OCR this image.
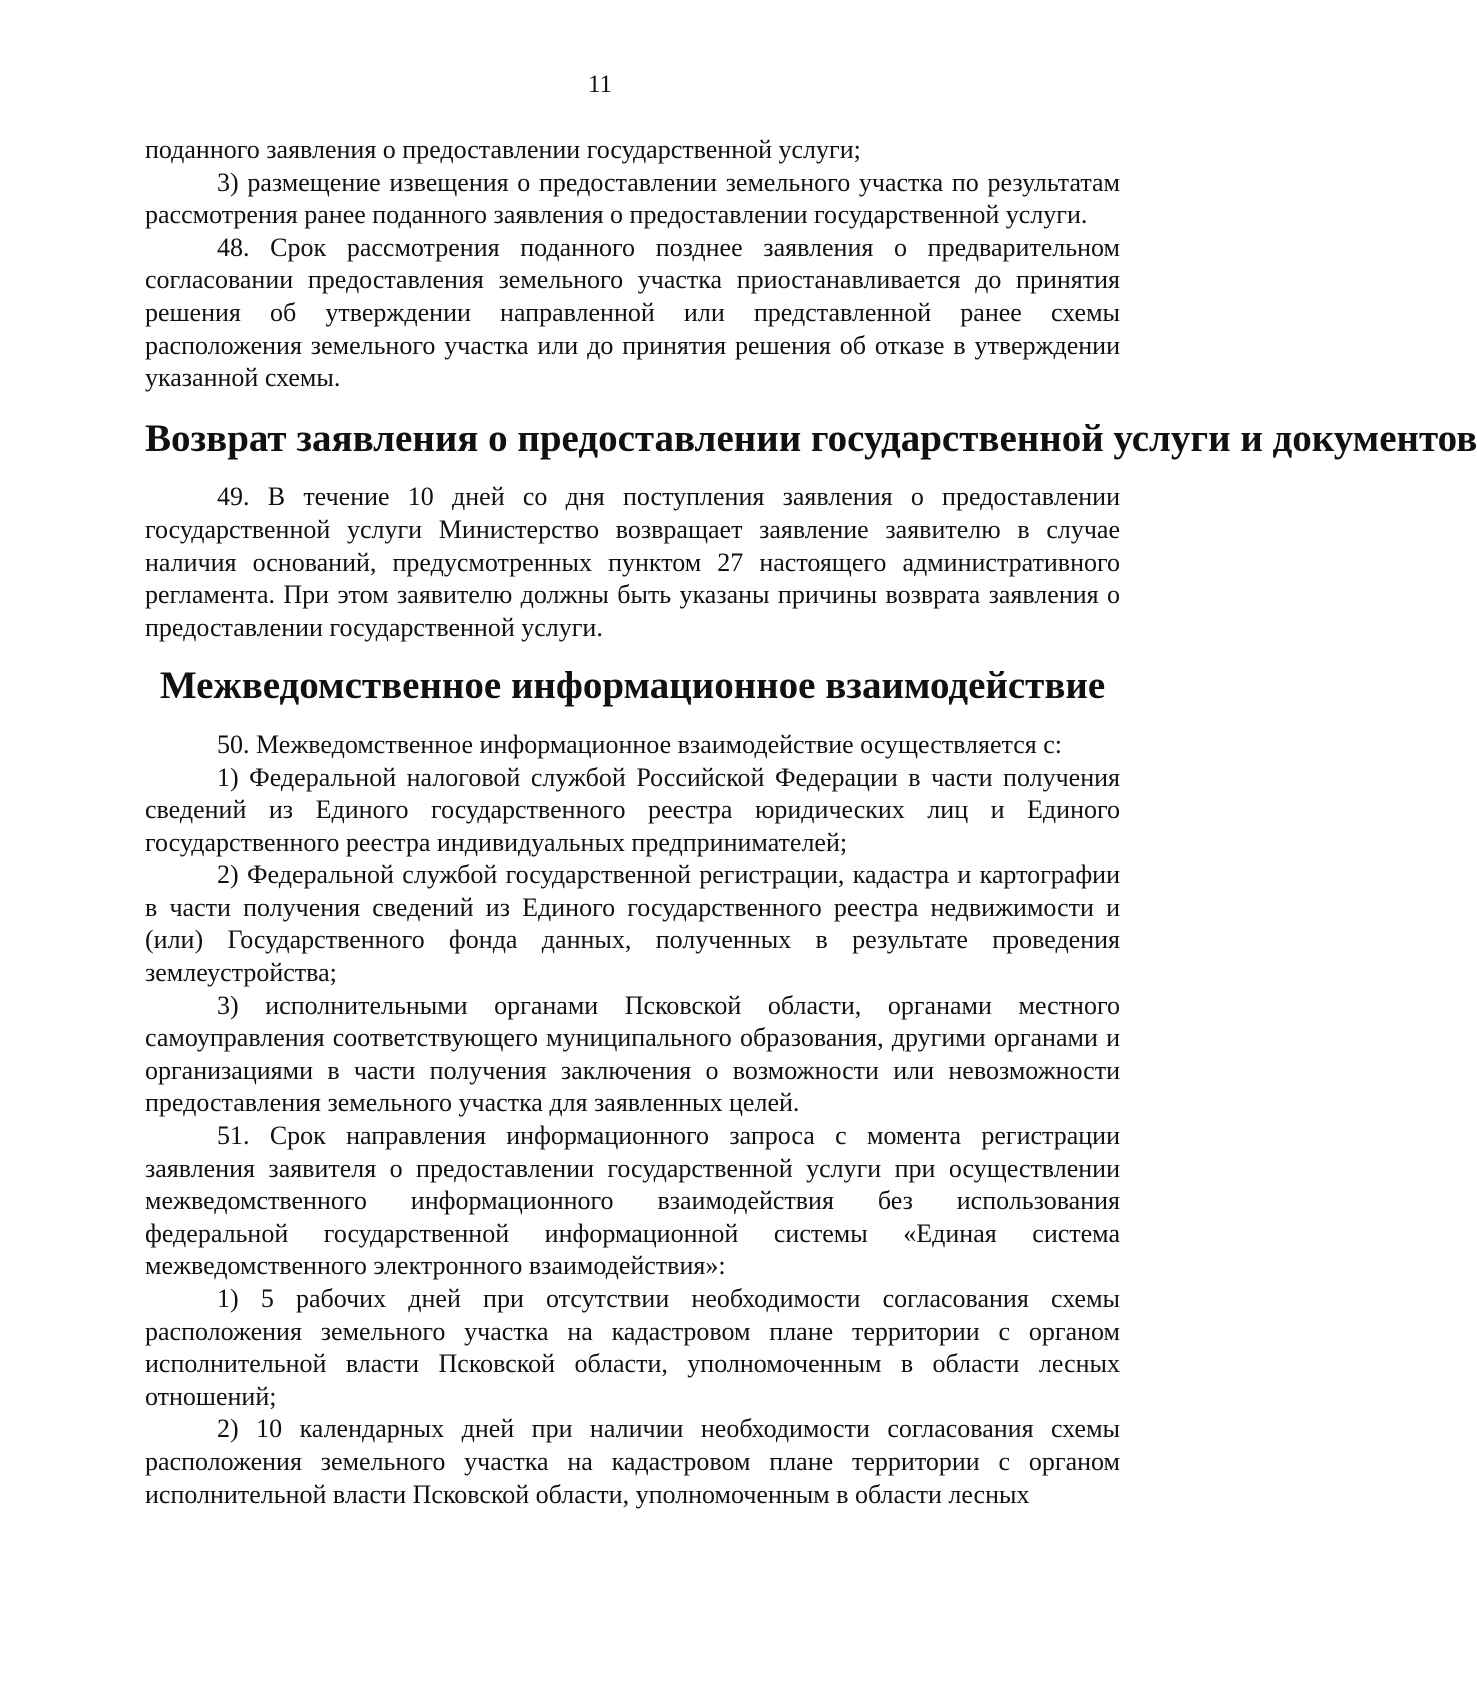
11

поданного заявления о предоставлении государственной услуги;

3) размещение извещения о предоставлении земельного участка по результатам рассмотрения ранее поданного заявления о предоставлении государственной услуги.

48. Срок рассмотрения поданного позднее заявления о предварительном согласовании предоставления земельного участка приостанавливается до принятия решения об утверждении направленной или представленной ранее схемы расположения земельного участка или до принятия решения об отказе в утверждении указанной схемы.

Возврат заявления о предоставлении государственной услуги и документов

49. В течение 10 дней со дня поступления заявления о предоставлении государственной услуги Министерство возвращает заявление заявителю в случае наличия оснований, предусмотренных пунктом 27 настоящего административного регламента. При этом заявителю должны быть указаны причины возврата заявления о предоставлении государственной услуги.

Межведомственное информационное взаимодействие

50. Межведомственное информационное взаимодействие осуществляется с:

1) Федеральной налоговой службой Российской Федерации в части получения сведений из Единого государственного реестра юридических лиц и Единого государственного реестра индивидуальных предпринимателей;

2) Федеральной службой государственной регистрации, кадастра и картографии в части получения сведений из Единого государственного реестра недвижимости и (или) Государственного фонда данных, полученных в результате проведения землеустройства;

3) исполнительными органами Псковской области, органами местного самоуправления соответствующего муниципального образования, другими органами и организациями в части получения заключения о возможности или невозможности предоставления земельного участка для заявленных целей.

51. Срок направления информационного запроса с момента регистрации заявления заявителя о предоставлении государственной услуги при осуществлении межведомственного информационного взаимодействия без использования федеральной государственной информационной системы «Единая система межведомственного электронного взаимодействия»:

1) 5 рабочих дней при отсутствии необходимости согласования схемы расположения земельного участка на кадастровом плане территории с органом исполнительной власти Псковской области, уполномоченным в области лесных отношений;

2) 10 календарных дней при наличии необходимости согласования схемы расположения земельного участка на кадастровом плане территории с органом исполнительной власти Псковской области, уполномоченным в области лесных
